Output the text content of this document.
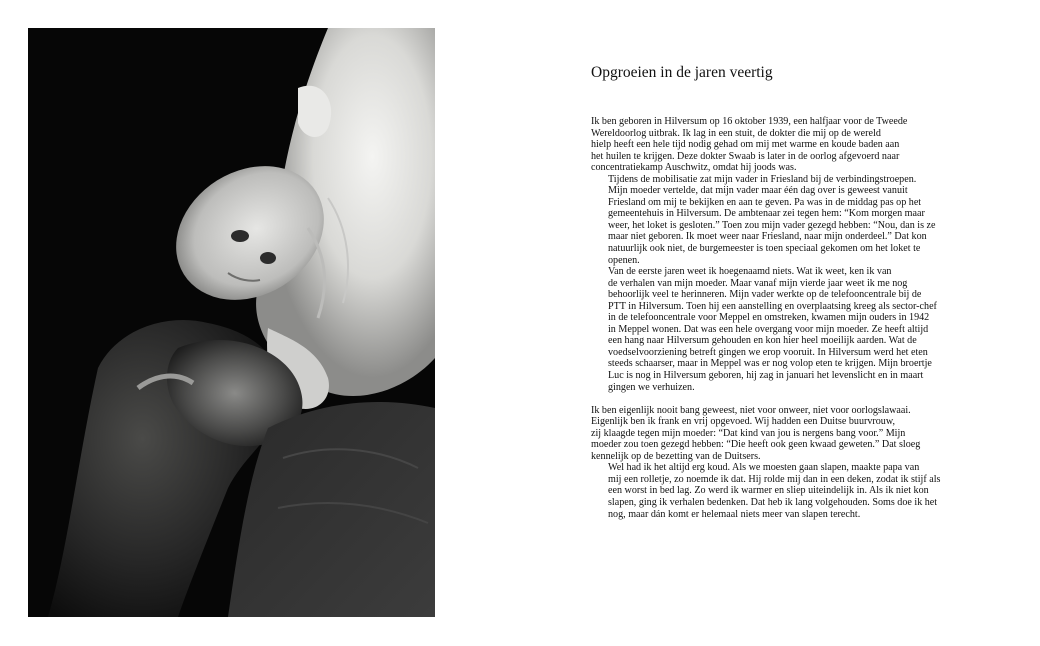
Opgroeien in de jaren veertig

Ik ben geboren in Hilversum op 16 oktober 1939, een halfjaar voor de Tweede
Wereldoorlog uitbrak. Ik lag in een stuit, de dokter die mij op de wereld
hielp heeft een hele tijd nodig gehad om mij met warme en koude baden aan
het huilen te krijgen. Deze dokter Swaab is later in de oorlog afgevoerd naar
concentratiekamp Auschwitz, omdat hij joods was.

Tijdens de mobilisatie zat mijn vader in Friesland bij de verbindingstroepen.
Mijn moeder vertelde, dat mijn vader maar één dag over is geweest vanuit
Friesland om mij te bekijken en aan te geven. Pa was in de middag pas op het
gemeentehuis in Hilversum. De ambtenaar zei tegen hem: “Kom morgen maar
weer, het loket is gesloten.” Toen zou mijn vader gezegd hebben: “Nou, dan is ze
maar niet geboren. Ik moet weer naar Friesland, naar mijn onderdeel.” Dat kon
natuurlijk ook niet, de burgemeester is toen speciaal gekomen om het loket te
openen.

Van de eerste jaren weet ik hoegenaamd niets. Wat ik weet, ken ik van
de verhalen van mijn moeder. Maar vanaf mijn vierde jaar weet ik me nog
behoorlijk veel te herinneren. Mijn vader werkte op de telefooncentrale bij de
PTT in Hilversum. Toen hij een aanstelling en overplaatsing kreeg als sector-chef
in de telefooncentrale voor Meppel en omstreken, kwamen mijn ouders in 1942
in Meppel wonen. Dat was een hele overgang voor mijn moeder. Ze heeft altijd
een hang naar Hilversum gehouden en kon hier heel moeilijk aarden. Wat de
voedselvoorziening betreft gingen we erop vooruit. In Hilversum werd het eten
steeds schaarser, maar in Meppel was er nog volop eten te krijgen. Mijn broertje
Luc is nog in Hilversum geboren, hij zag in januari het levenslicht en in maart
gingen we verhuizen.

Ik ben eigenlijk nooit bang geweest, niet voor onweer, niet voor oorlogslawaai.
Eigenlijk ben ik frank en vrij opgevoed. Wij hadden een Duitse buurvrouw,
zij klaagde tegen mijn moeder: “Dat kind van jou is nergens bang voor.” Mijn
moeder zou toen gezegd hebben: “Die heeft ook geen kwaad geweten.” Dat sloeg
kennelijk op de bezetting van de Duitsers.

Wel had ik het altijd erg koud. Als we moesten gaan slapen, maakte papa van
mij een rolletje, zo noemde ik dat. Hij rolde mij dan in een deken, zodat ik stijf als
een worst in bed lag. Zo werd ik warmer en sliep uiteindelijk in. Als ik niet kon
slapen, ging ik verhalen bedenken. Dat heb ik lang volgehouden. Soms doe ik het
nog, maar dán komt er helemaal niets meer van slapen terecht.
